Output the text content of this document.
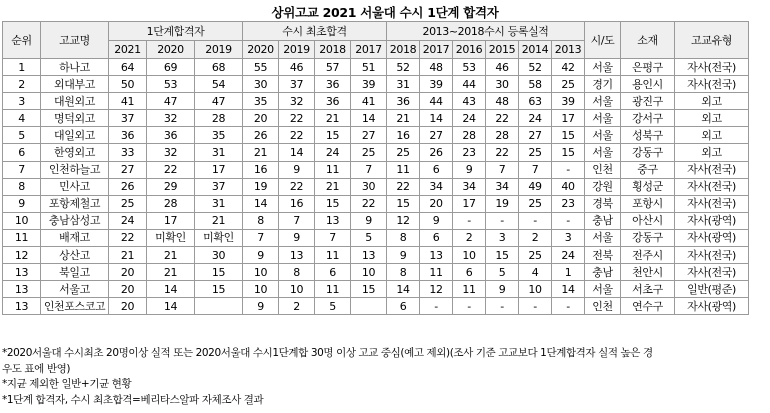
상위고교 2021 서울대 수시 1단계 합격자
순위	고교명	1단계합격자			수시 최초합격				2013~2018수시 등록실적						시/도	소재	고교유형
		2021	2020	2019	2020	2019	2018	2017	2018	2017	2016	2015	2014	2013			
1	하나고	64	69	68	55	46	57	51	52	48	53	46	52	42	서울	은평구	자사(전국)
2	외대부고	50	53	54	30	37	36	39	31	39	44	30	58	25	경기	용인시	자사(전국)
3	대원외고	41	47	47	35	32	36	41	36	44	43	48	63	39	서울	광진구	외고
4	명덕외고	37	32	28	20	22	21	14	21	14	24	22	24	17	서울	강서구	외고
5	대일외고	36	36	35	26	22	15	27	16	27	28	28	27	15	서울	성북구	외고
6	한영외고	33	32	31	21	14	24	25	25	26	23	22	25	15	서울	강동구	외고
7	인천하늘고	27	22	17	16	9	11	7	11	6	9	7	7	-	인천	중구	자사(전국)
8	민사고	26	29	37	19	22	21	30	22	34	34	34	49	40	강원	횡성군	자사(전국)
9	포항제철고	25	28	31	14	16	15	22	15	20	17	19	25	23	경북	포항시	자사(전국)
10	충남삼성고	24	17	21	8	7	13	9	12	9	-	-	-	-	충남	아산시	자사(광역)
11	배재고	22	미확인	미확인	7	9	7	5	8	6	2	3	2	3	서울	강동구	자사(광역)
12	상산고	21	21	30	9	13	11	13	9	13	10	15	25	24	전북	전주시	자사(전국)
13	북일고	20	21	15	10	8	6	10	8	11	6	5	4	1	충남	천안시	자사(전국)
13	서울고	20	14	15	10	10	11	15	14	12	11	9	10	14	서울	서초구	일반(평준)
13	인천포스코고	20	14		9	2	5		6	-	-	-	-	-	인천	연수구	자사(광역)

*2020서울대 수시최초 20명이상 실적 또는 2020서울대 수시1단계합 30명 이상 고교 중심(예고 제외)(조사 기준 고교보다 1단계합격자 실적 높은 경

우도 표에 반영)

*지균 제외한 일반+기균 현황

*1단계 합격자, 수시 최초합격=베리타스알파 자체조사 결과
